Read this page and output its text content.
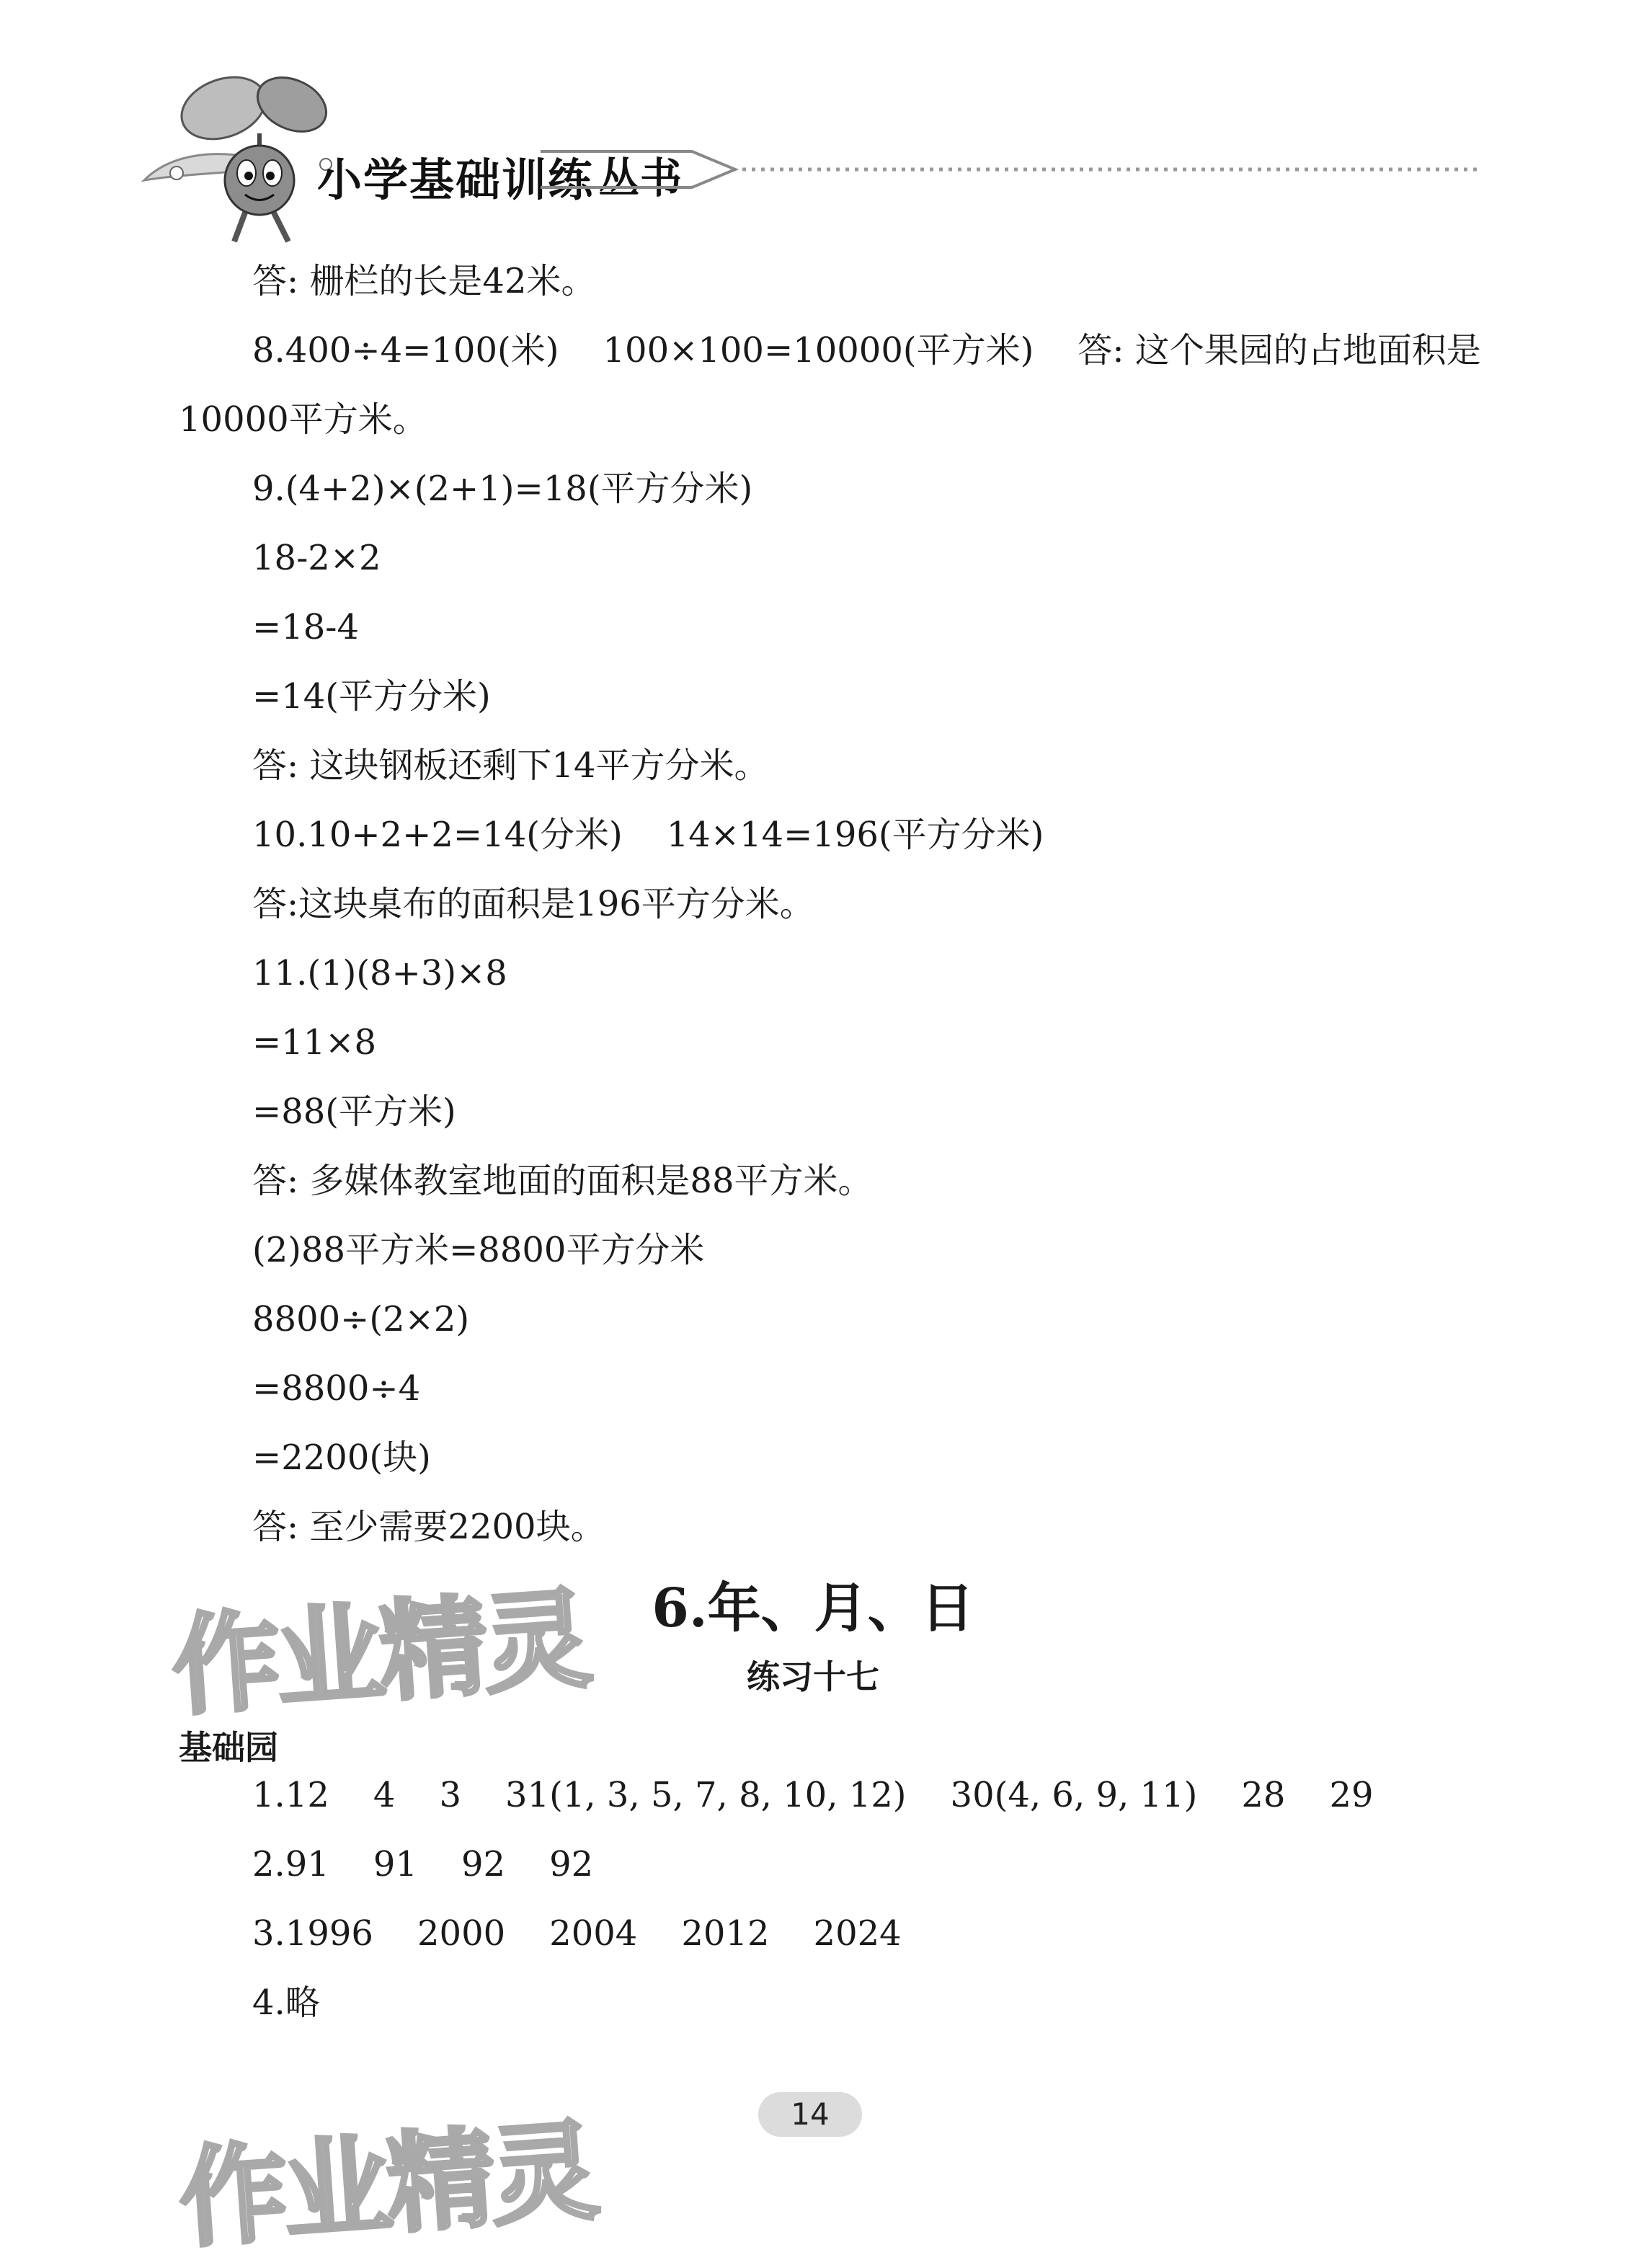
小学基础训练 丛书
答: 栅栏的长是42米。
8.400÷4=100(米)    100×100=10000(平方米)    答: 这个果园的占地面积是
10000平方米。
9.(4+2)×(2+1)=18(平方分米)
18-2×2
=18-4
=14(平方分米)
答: 这块钢板还剩下14平方分米。
10.10+2+2=14(分米)    14×14=196(平方分米)
答:这块桌布的面积是196平方分米。
11.(1)(8+3)×8
=11×8
=88(平方米)
答: 多媒体教室地面的面积是88平方米。
(2)88平方米=8800平方分米
8800÷(2×2)
=8800÷4
=2200(块)
答: 至少需要2200块。
作业精灵
作业精灵
6.年、月、日
练习十七
基础园
1.12    4    3    31(1, 3, 5, 7, 8, 10, 12)    30(4, 6, 9, 11)    28    29
2.91    91    92    92
3.1996    2000    2004    2012    2024
4.略
14
